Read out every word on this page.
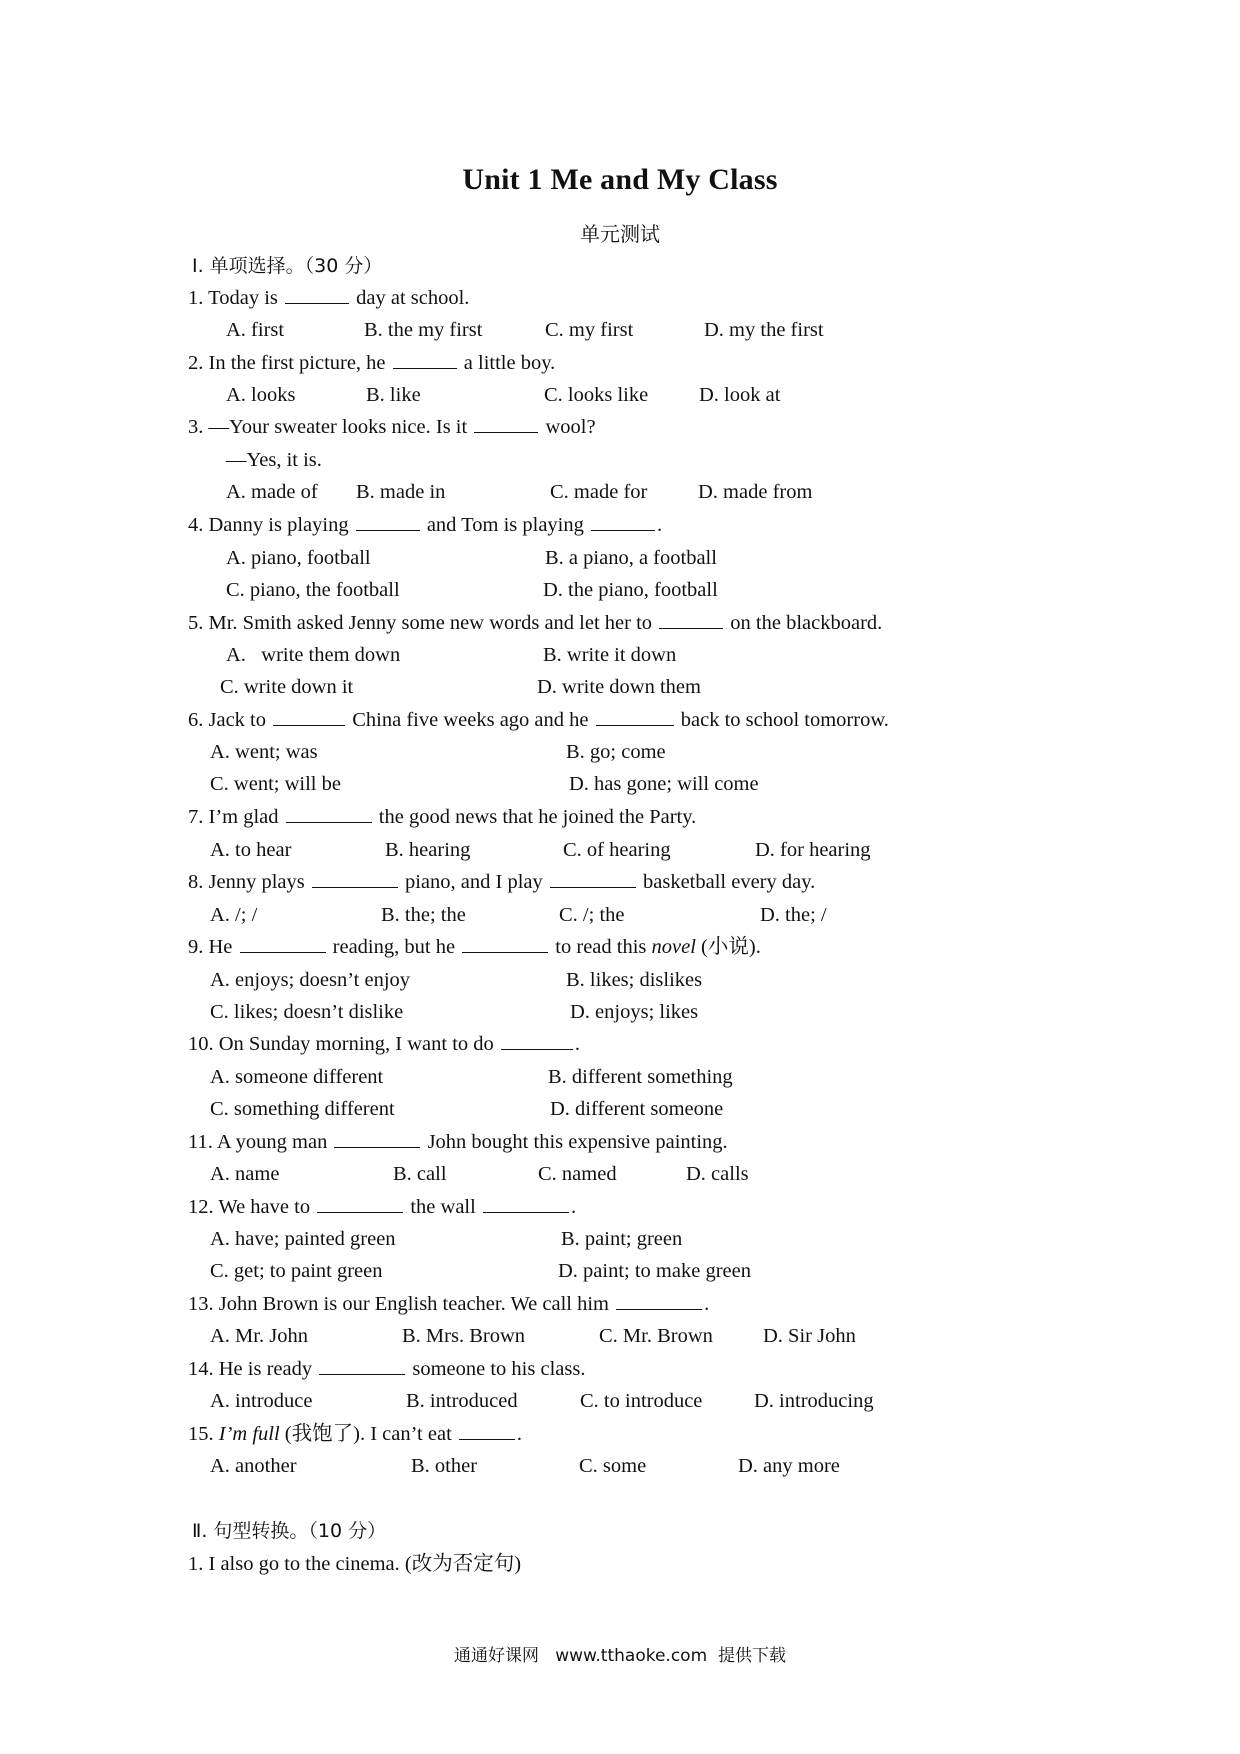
Unit 1 Me and My Class
单元测试
Ⅰ. 单项选择。（30 分）
1. Today is	day at school.
A. first	B. the my first	C. my first	D. my the first
2. In the first picture, he	a little boy.
A. looks	B. like	C. looks like D. look at
3. —Your sweater looks nice. Is it	wool?
—Yes, it is.
A. made of B. made in	C. made for D. made from
4. Danny is playing	and Tom is playing	.
A. piano, football	B. a piano, a football
C. piano, the football	D. the piano, football
5. Mr. Smith asked Jenny some new words and let her to	on the blackboard.
A.   write them down	B. write it down
C. write down it	D. write down them
6. Jack to	China five weeks ago and he	back to school tomorrow.
A. went; was	B. go; come
C. went; will be	D. has gone; will come
7. I’m glad	the good news that he joined the Party.
A. to hear	B. hearing	C. of hearing	D. for hearing
8. Jenny plays	piano, and I play	basketball every day.
A. /; /	B. the; the	C. /; the	D. the; /
9. He	reading, but he	to read this novel (小说).
A. enjoys; doesn’t enjoy	B. likes; dislikes
C. likes; doesn’t dislike	D. enjoys; likes
10. On Sunday morning, I want to do	.
A. someone different	B. different something
C. something different	D. different someone
11. A young man	John bought this expensive painting.
A. name	B. call	C. named	D. calls
12. We have to	the wall	.
A. have; painted green	B. paint; green
C. get; to paint green	D. paint; to make green
13. John Brown is our English teacher. We call him	.
A. Mr. John	B. Mrs. Brown	C. Mr. Brown D. Sir John
14. He is ready	someone to his class.
A. introduce	B. introduced	C. to introduce	D. introducing
15. I’m full (我饱了). I can’t eat	.
A. another	B. other	C. some	D. any more
Ⅱ. 句型转换。（10 分）
1. I also go to the cinema. (改为否定句)
通通好课网   www.tthaoke.com  提供下载
